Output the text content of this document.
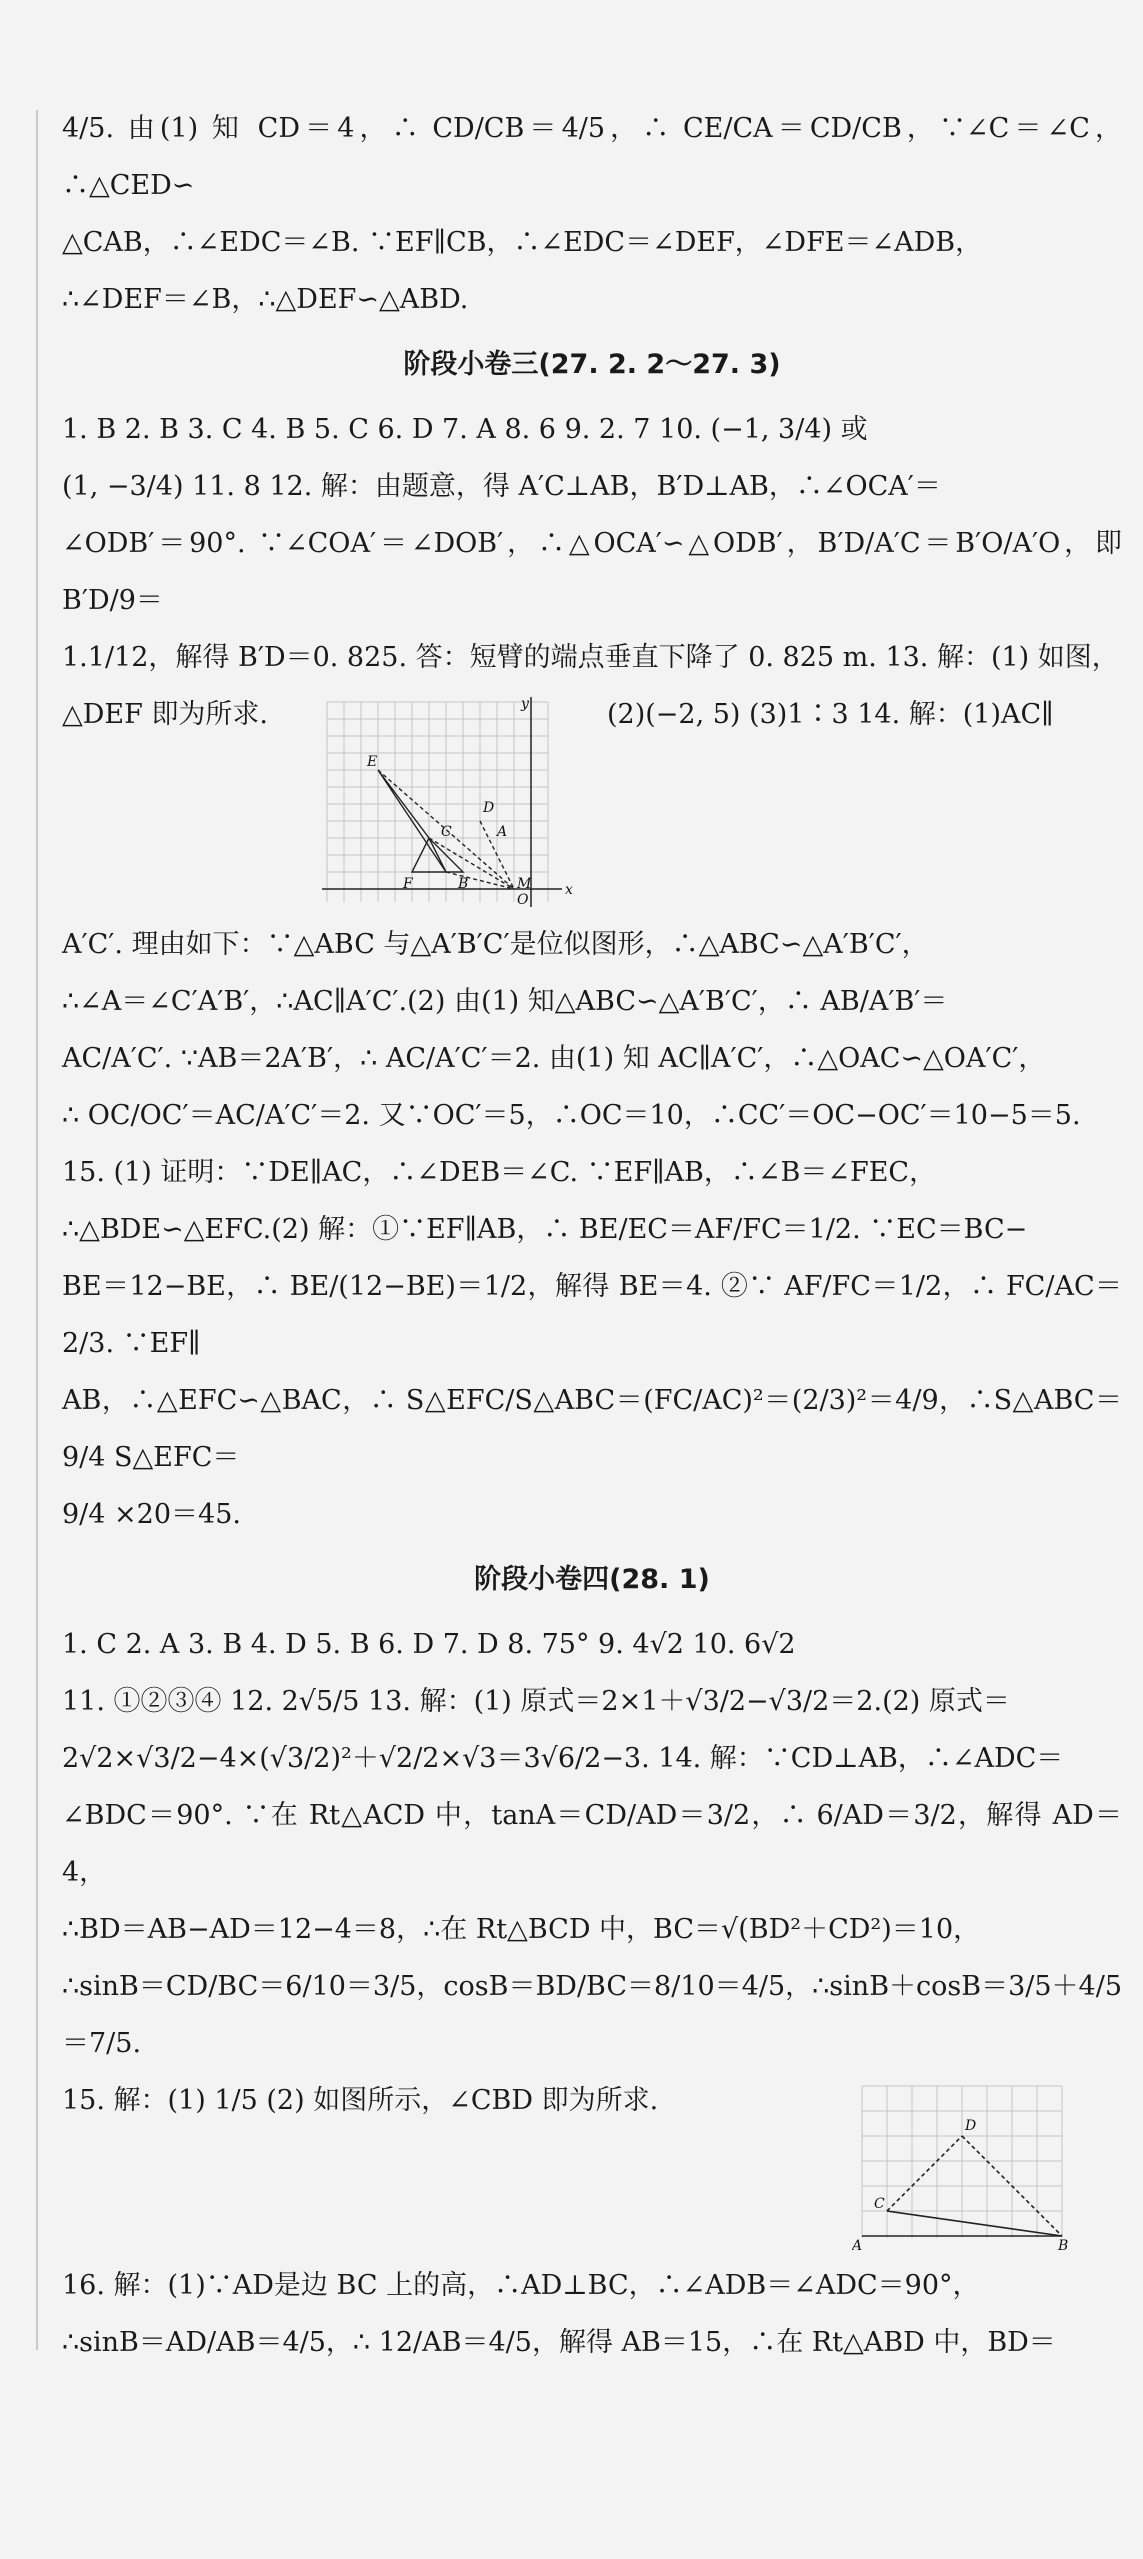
4/5. 由(1) 知 CD＝4，∴ CD/CB＝4/5，∴ CE/CA＝CD/CB，∵∠C＝∠C，∴△CED∽

△CAB，∴∠EDC＝∠B. ∵EF∥CB，∴∠EDC＝∠DEF，∠DFE＝∠ADB，

∴∠DEF＝∠B，∴△DEF∽△ABD.

阶段小卷三(27. 2. 2～27. 3)

1. B 2. B 3. C 4. B 5. C 6. D 7. A 8. 6 9. 2. 7 10. (−1, 3/4) 或

(1, −3/4) 11. 8 12. 解：由题意，得 A′C⊥AB，B′D⊥AB，∴∠OCA′＝

∠ODB′＝90°. ∵∠COA′＝∠DOB′，∴△OCA′∽△ODB′，B′D/A′C＝B′O/A′O，即 B′D/9＝

1.1/12，解得 B′D＝0. 825. 答：短臂的端点垂直下降了 0. 825 m. 13. 解：(1) 如图，

△DEF 即为所求.	y
x
E
D
C	A
F	B	M
O
(2)(−2, 5) (3)1∶3 14. 解：(1)AC∥

A′C′. 理由如下：∵△ABC 与△A′B′C′是位似图形，∴△ABC∽△A′B′C′，

∴∠A＝∠C′A′B′，∴AC∥A′C′.(2) 由(1) 知△ABC∽△A′B′C′，∴ AB/A′B′＝

AC/A′C′. ∵AB＝2A′B′，∴ AC/A′C′＝2. 由(1) 知 AC∥A′C′，∴△OAC∽△OA′C′，

∴ OC/OC′＝AC/A′C′＝2. 又∵OC′＝5，∴OC＝10，∴CC′＝OC−OC′＝10−5＝5.

15. (1) 证明：∵DE∥AC，∴∠DEB＝∠C. ∵EF∥AB，∴∠B＝∠FEC，

∴△BDE∽△EFC.(2) 解：①∵EF∥AB，∴ BE/EC＝AF/FC＝1/2. ∵EC＝BC−

BE＝12−BE，∴ BE/(12−BE)＝1/2，解得 BE＝4. ②∵ AF/FC＝1/2，∴ FC/AC＝2/3. ∵EF∥

AB，∴△EFC∽△BAC，∴ S△EFC/S△ABC＝(FC/AC)²＝(2/3)²＝4/9，∴S△ABC＝9/4 S△EFC＝

9/4 ×20＝45.

阶段小卷四(28. 1)

1. C 2. A 3. B 4. D 5. B 6. D 7. D 8. 75° 9. 4√2 10. 6√2

11. ①②③④ 12. 2√5/5 13. 解：(1) 原式＝2×1＋√3/2−√3/2＝2.(2) 原式＝

2√2×√3/2−4×(√3/2)²＋√2/2×√3＝3√6/2−3. 14. 解：∵CD⊥AB，∴∠ADC＝

∠BDC＝90°. ∵在 Rt△ACD 中，tanA＝CD/AD＝3/2，∴ 6/AD＝3/2，解得 AD＝4，

∴BD＝AB−AD＝12−4＝8，∴在 Rt△BCD 中，BC＝√(BD²＋CD²)＝10，

∴sinB＝CD/BC＝6/10＝3/5，cosB＝BD/BC＝8/10＝4/5，∴sinB＋cosB＝3/5＋4/5＝7/5.

15. 解：(1) 1/5 (2) 如图所示，∠CBD 即为所求.
D
C
A	B

16. 解：(1)∵AD是边 BC 上的高，∴AD⊥BC，∴∠ADB＝∠ADC＝90°，

∴sinB＝AD/AB＝4/5，∴ 12/AB＝4/5，解得 AB＝15，∴在 Rt△ABD 中，BD＝
